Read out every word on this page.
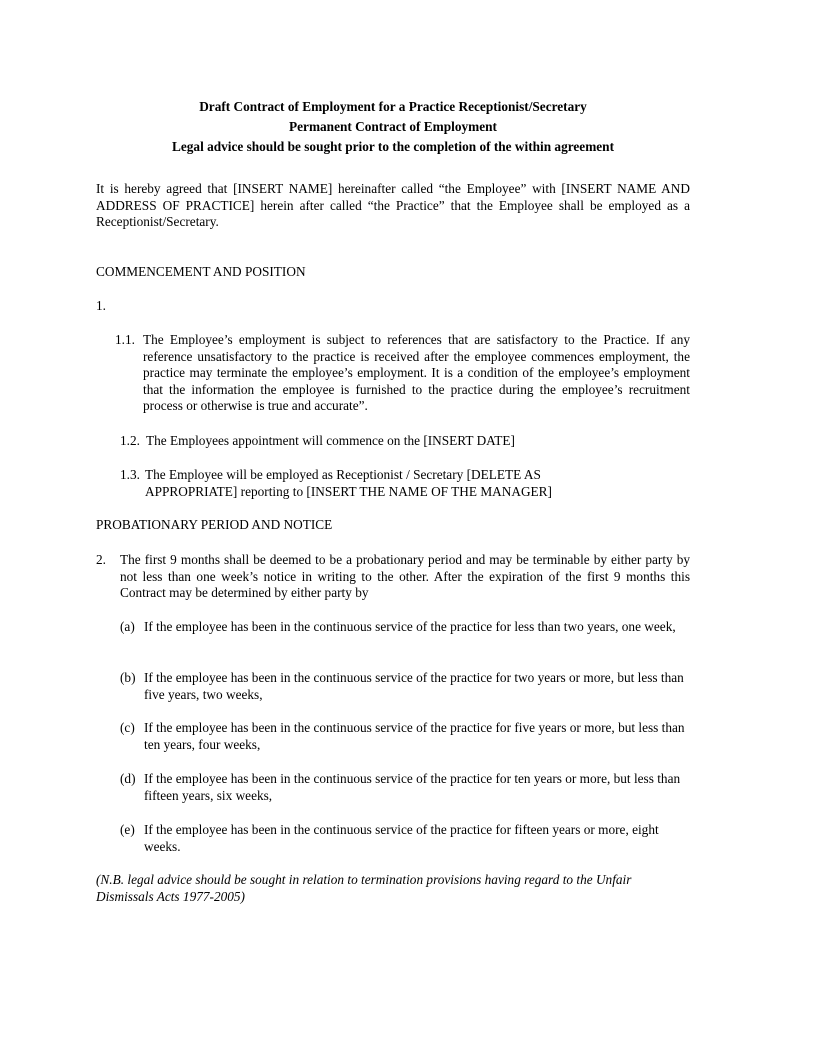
Draft Contract of Employment for a Practice Receptionist/Secretary
Permanent Contract of Employment
Legal advice should be sought prior to the completion of the within agreement
It is hereby agreed that [INSERT NAME] hereinafter called “the Employee” with [INSERT NAME AND ADDRESS OF PRACTICE] herein after called “the Practice” that the Employee shall be employed as a Receptionist/Secretary.
COMMENCEMENT AND POSITION
1.
1.1. The Employee’s employment is subject to references that are satisfactory to the Practice. If any reference unsatisfactory to the practice is received after the employee commences employment, the practice may terminate the employee’s employment. It is a condition of the employee’s employment that the information the employee is furnished to the practice during the employee’s recruitment process or otherwise is true and accurate”.
1.2. The Employees appointment will commence on the [INSERT DATE]
1.3. The Employee will be employed as Receptionist / Secretary [DELETE AS APPROPRIATE] reporting to [INSERT THE NAME OF THE MANAGER]
PROBATIONARY PERIOD AND NOTICE
2. The first 9 months shall be deemed to be a probationary period and may be terminable by either party by not less than one week’s notice in writing to the other. After the expiration of the first 9 months this Contract may be determined by either party by
(a) If the employee has been in the continuous service of the practice for less than two years, one week,
(b) If the employee has been in the continuous service of the practice for two years or more, but less than five years, two weeks,
(c) If the employee has been in the continuous service of the practice for five years or more, but less than ten years, four weeks,
(d) If the employee has been in the continuous service of the practice for ten years or more, but less than fifteen years, six weeks,
(e) If the employee has been in the continuous service of the practice for fifteen years or more, eight weeks.
(N.B. legal advice should be sought in relation to termination provisions having regard to the Unfair Dismissals Acts 1977-2005)
